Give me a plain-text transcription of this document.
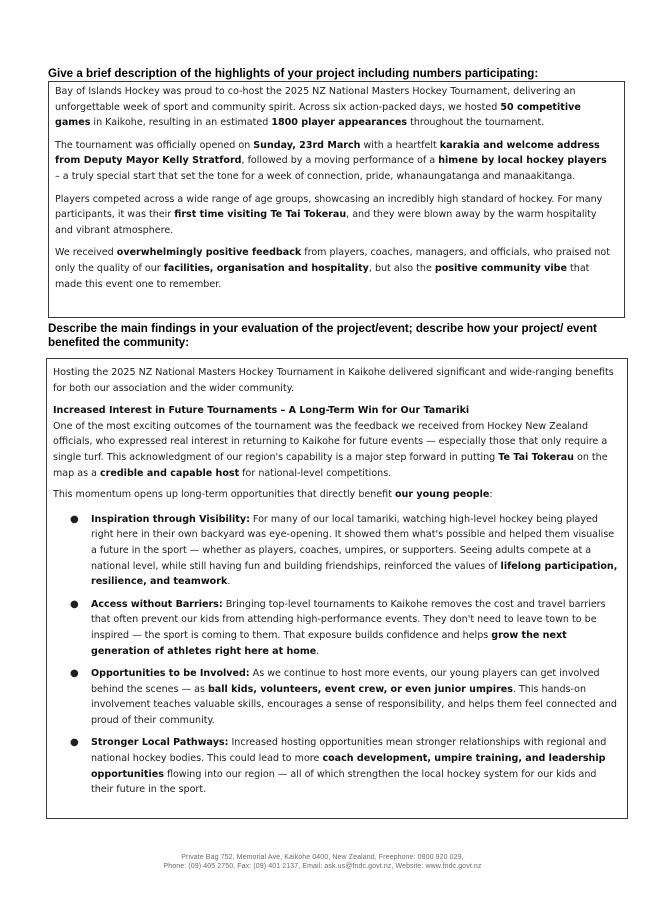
Give a brief description of the highlights of your project including numbers participating:

Bay of Islands Hockey was proud to co-host the 2025 NZ National Masters Hockey Tournament, delivering an unforgettable week of sport and community spirit. Across six action-packed days, we hosted 50 competitive games in Kaikohe, resulting in an estimated 1800 player appearances throughout the tournament.

The tournament was officially opened on Sunday, 23rd March with a heartfelt karakia and welcome address from Deputy Mayor Kelly Stratford, followed by a moving performance of a himene by local hockey players – a truly special start that set the tone for a week of connection, pride, whanaungatanga and manaakitanga.

Players competed across a wide range of age groups, showcasing an incredibly high standard of hockey. For many participants, it was their first time visiting Te Tai Tokerau, and they were blown away by the warm hospitality and vibrant atmosphere.

We received overwhelmingly positive feedback from players, coaches, managers, and officials, who praised not only the quality of our facilities, organisation and hospitality, but also the positive community vibe that made this event one to remember.

Describe the main findings in your evaluation of the project/event; describe how your project/ event benefited the community:

Hosting the 2025 NZ National Masters Hockey Tournament in Kaikohe delivered significant and wide-ranging benefits for both our association and the wider community.

Increased Interest in Future Tournaments – A Long-Term Win for Our Tamariki
One of the most exciting outcomes of the tournament was the feedback we received from Hockey New Zealand officials, who expressed real interest in returning to Kaikohe for future events — especially those that only require a single turf. This acknowledgment of our region's capability is a major step forward in putting Te Tai Tokerau on the map as a credible and capable host for national-level competitions.

This momentum opens up long-term opportunities that directly benefit our young people:

● Inspiration through Visibility: For many of our local tamariki, watching high-level hockey being played right here in their own backyard was eye-opening. It showed them what's possible and helped them visualise a future in the sport — whether as players, coaches, umpires, or supporters. Seeing adults compete at a national level, while still having fun and building friendships, reinforced the values of lifelong participation, resilience, and teamwork.
● Access without Barriers: Bringing top-level tournaments to Kaikohe removes the cost and travel barriers that often prevent our kids from attending high-performance events. They don't need to leave town to be inspired — the sport is coming to them. That exposure builds confidence and helps grow the next generation of athletes right here at home.
● Opportunities to be Involved: As we continue to host more events, our young players can get involved behind the scenes — as ball kids, volunteers, event crew, or even junior umpires. This hands-on involvement teaches valuable skills, encourages a sense of responsibility, and helps them feel connected and proud of their community.
● Stronger Local Pathways: Increased hosting opportunities mean stronger relationships with regional and national hockey bodies. This could lead to more coach development, umpire training, and leadership opportunities flowing into our region — all of which strengthen the local hockey system for our kids and their future in the sport.
Private Bag 752, Memorial Ave, Kaikohe 0400, New Zealand, Freephone: 0800 920 029,
Phone: (09) 405 2750, Fax: (09) 401 2137, Email: ask.us@fndc.govt.nz, Website: www.fndc.govt.nz
